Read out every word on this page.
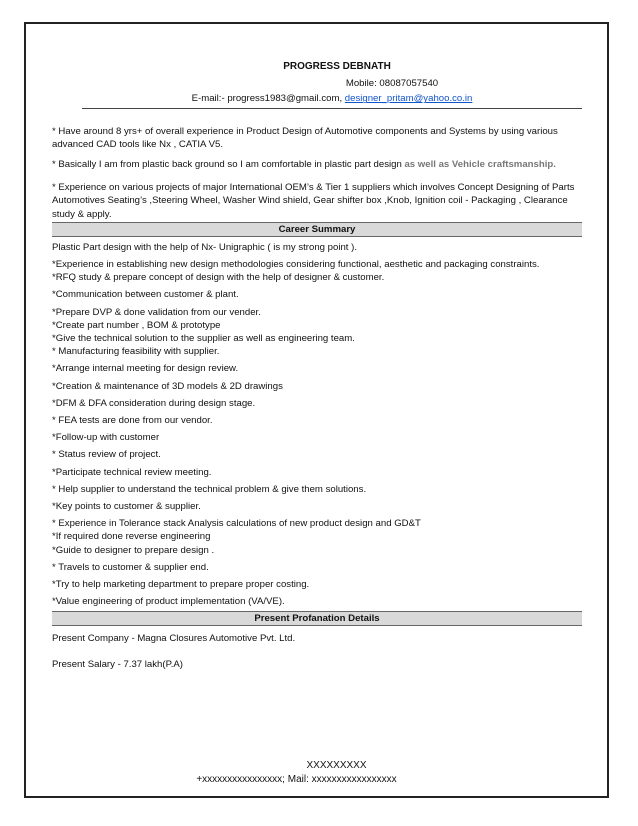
PROGRESS DEBNATH
Mobile: 08087057540
E-mail:- progress1983@gmail.com, designer_pritam@yahoo.co.in

* Have around 8 yrs+ of overall experience in Product Design of Automotive components and Systems by using various advanced CAD tools like Nx , CATIA V5.

* Basically I am from plastic back ground so I am comfortable in plastic part design as well as Vehicle craftsmanship.

* Experience on various projects of major International OEM’s & Tier 1 suppliers which involves Concept Designing of Parts Automotives Seating’s ,Steering Wheel, Washer Wind shield, Gear shifter box ,Knob, Ignition coil - Packaging , Clearance study & apply.

Career Summary

Plastic Part design with the help of Nx- Unigraphic ( is my strong point ).

*Experience in establishing new design methodologies considering functional, aesthetic and packaging constraints.

*RFQ study & prepare concept of design with the help of designer & customer.

*Communication between customer & plant.

*Prepare DVP & done validation from our vender.

*Create part number , BOM & prototype

*Give the technical solution to the supplier as well as engineering team.

* Manufacturing feasibility with supplier.

*Arrange internal meeting for design review.

*Creation & maintenance of 3D models & 2D drawings

*DFM & DFA consideration during design stage.

* FEA tests are done from our vendor.

*Follow-up with customer

* Status review of project.

*Participate technical review meeting.

* Help supplier to understand the technical problem & give them solutions.

*Key points to customer & supplier.

* Experience in Tolerance stack Analysis calculations of new product design and GD&T

*If required done reverse engineering

*Guide to designer to prepare design .

* Travels to customer & supplier end.

*Try to help marketing department to prepare proper costing.

*Value engineering of product implementation (VA/VE).

Present Profanation Details

Present Company - Magna Closures Automotive Pvt. Ltd.

Present Salary - 7.37 lakh(P.A)

XXXXXXXXX
+xxxxxxxxxxxxxxxx; Mail: xxxxxxxxxxxxxxxxx
